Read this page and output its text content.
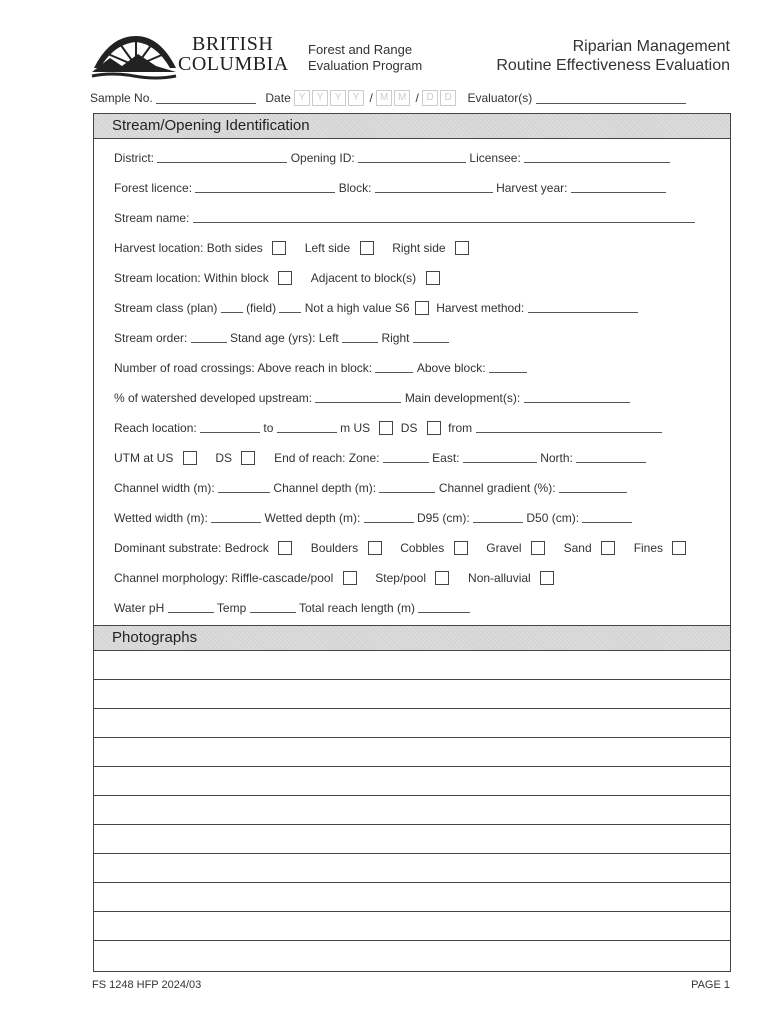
BRITISH
COLUMBIA
Forest and Range
Evaluation Program
Riparian Management
Routine Effectiveness Evaluation
Sample No.	Date Y Y Y Y / M M / D D Evaluator(s)
Stream/Opening Identification
District:	Opening ID:	Licensee:
Forest licence:	Block:	Harvest year:
Stream name:
Harvest location: Both sides	Left side	Right side
Stream location: Within block	Adjacent to block(s)
Stream class (plan) (field) Not a high value S6 Harvest method:
Stream order:	Stand age (yrs): Left	Right
Number of road crossings: Above reach in block:	Above block:
% of watershed developed upstream:	Main development(s):
Reach location:	to	m US	DS	from
UTM at US	DS	End of reach: Zone:	East:	North:
Channel width (m):	Channel depth (m):	Channel gradient (%):
Wetted width (m):	Wetted depth (m):	D95 (cm):	D50 (cm):
Dominant substrate: Bedrock	Boulders	Cobbles	Gravel	Sand	Fines
Channel morphology: Riffle-cascade/pool	Step/pool	Non-alluvial
Water pH	Temp	Total reach length (m)
Photographs
FS 1248 HFP 2024/03	PAGE 1
